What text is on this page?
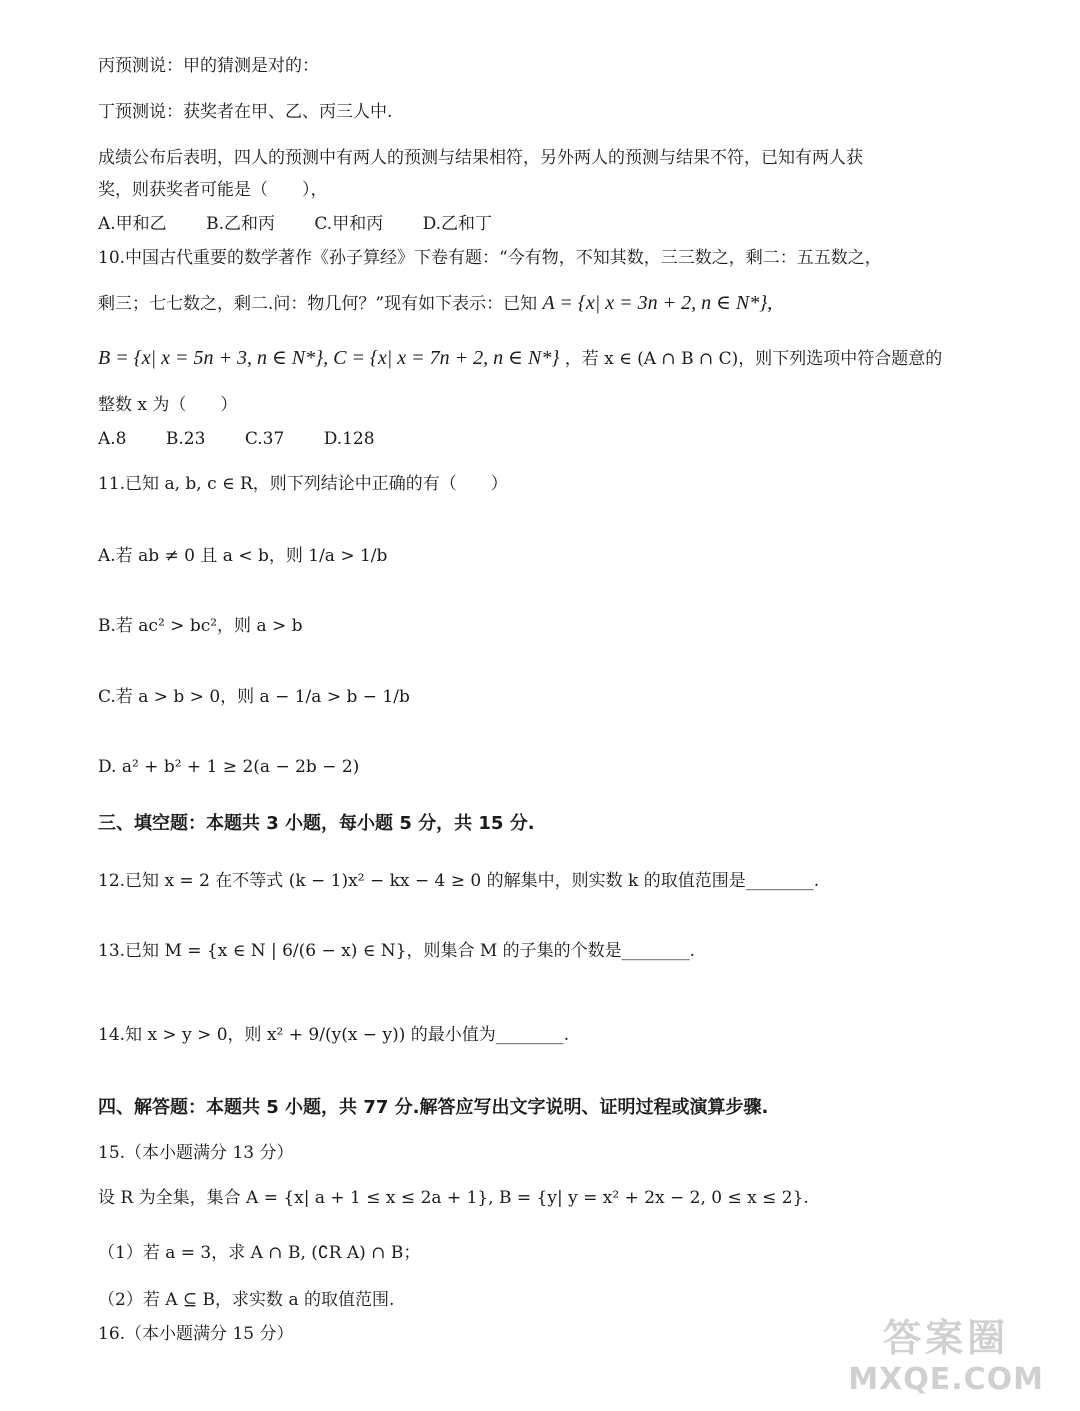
丙预测说：甲的猜测是对的：
丁预测说：获奖者在甲、乙、丙三人中.
成绩公布后表明，四人的预测中有两人的预测与结果相符，另外两人的预测与结果不符，已知有两人获
奖，则获奖者可能是（　　），
A.甲和乙 B.乙和丙 C.甲和丙 D.乙和丁
10.中国古代重要的数学著作《孙子算经》下卷有题：“今有物，不知其数，三三数之，剩二：五五数之，
剩三；七七数之，剩二.问：物几何？”现有如下表示：已知 A = {x| x = 3n + 2, n ∈ N*},
B = {x| x = 5n + 3, n ∈ N*}, C = {x| x = 7n + 2, n ∈ N*} ，若 x ∈ (A ∩ B ∩ C)，则下列选项中符合题意的
整数 x 为（　　）
A.8 B.23 C.37 D.128
11.已知 a, b, c ∈ R，则下列结论中正确的有（　　）
A.若 ab ≠ 0 且 a < b，则 1/a > 1/b
B.若 ac² > bc²，则 a > b
C.若 a > b > 0，则 a − 1/a > b − 1/b
D. a² + b² + 1 ≥ 2(a − 2b − 2)
三、填空题：本题共 3 小题，每小题 5 分，共 15 分.
12.已知 x = 2 在不等式 (k − 1)x² − kx − 4 ≥ 0 的解集中，则实数 k 的取值范围是________.
13.已知 M = {x ∈ N | 6/(6 − x) ∈ N}，则集合 M 的子集的个数是________.
14.知 x > y > 0，则 x² + 9/(y(x − y)) 的最小值为________.
四、解答题：本题共 5 小题，共 77 分.解答应写出文字说明、证明过程或演算步骤.
15.（本小题满分 13 分）
设 R 为全集，集合 A = {x| a + 1 ≤ x ≤ 2a + 1}, B = {y| y = x² + 2x − 2, 0 ≤ x ≤ 2}.
（1）若 a = 3，求 A ∩ B, (∁R A) ∩ B；
（2）若 A ⊆ B，求实数 a 的取值范围.
16.（本小题满分 15 分）	答案圈
MXQE.COM
